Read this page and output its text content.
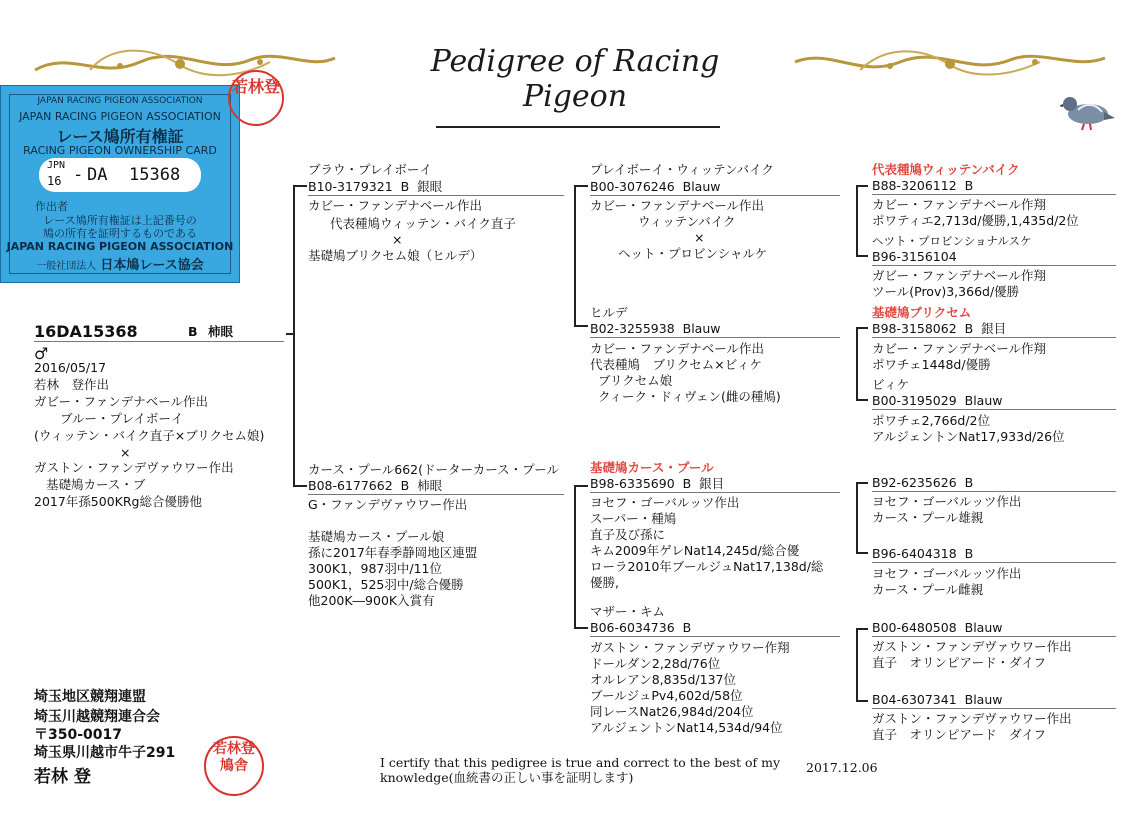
Pedigree of Racing Pigeon
JAPAN RACING PIGEON ASSOCIATION
JAPAN RACING PIGEON ASSOCIATION
レース鳩所有権証
RACING PIGEON OWNERSHIP CARD
JPN
16 - DA 15368
作出者
レース鳩所有権証は上記番号の
鳩の所有を証明するものである
JAPAN RACING PIGEON ASSOCIATION
一般社団法人 日本鳩レース協会
若林登
16DA15368	B 柿眼
♂
2016/05/17
若林　登作出
ガビー・ファンデナベール作出
ブルー・プレイボーイ
(ウィッテン・バイク直子×ブリクセム娘)
×
ガストン・ファンデヴァウワー作出
基礎鳩カース・ブ
2017年孫500KRg総合優勝他
ブラウ・プレイボーイ
B10-3179321 B 銀眼
カビー・ファンデナベール作出
代表種鳩ウィッテン・バイク直子
×
基礎鳩ブリクセム娘（ヒルデ）
カース・プール662(ドーターカース・プール
B08-6177662 B 柿眼
G・ファンデヴァウワー作出
基礎鳩カース・プール娘
孫に2017年春季静岡地区連盟
300K1，987羽中/11位
500K1，525羽中/総合優勝
他200K―900K入賞有
プレイボーイ・ウィッテンバイク
B00-3076246 Blauw
カビー・ファンデナベール作出
ウィッテンバイク
×
ヘット・プロビンシャルケ
ヒルデ
B02-3255938 Blauw
カビー・ファンデナベール作出
代表種鳩　ブリクセム×ビィケ
ブリクセム娘
クィーク・ドィヴェン(雌の種鳩)
基礎鳩カース・プール
B98-6335690 B 銀目
ヨセフ・ゴーバルッツ作出
スーパー・種鳩
直子及び孫に
キム2009年ゲレNat14,245d/総合優
ローラ2010年ブールジュNat17,138d/総
優勝,
マザー・キム
B06-6034736 B
ガストン・ファンデヴァウワー作翔
ドールダン2,28d/76位
オルレアン8,835d/137位
ブールジュPv4,602d/58位
同レースNat26,984d/204位
アルジェントンNat14,534d/94位
代表種鳩ウィッテンバイク
B88-3206112 B
カビー・ファンデナベール作翔
ポワティエ2,713d/優勝,1,435d/2位
ヘツト・プロビンショナルスケ
B96-3156104
ガビー・ファンデナベール作翔
ツール(Prov)3,366d/優勝
基礎鳩ブリクセム
B98-3158062 B 銀目
カビー・ファンデナベール作翔
ポワチェ1448d/優勝
ビィケ
B00-3195029 Blauw
ポワチェ2,766d/2位
アルジェントンNat17,933d/26位
B92-6235626 B
ヨセフ・ゴーバルッツ作出
カース・プール雄親
B96-6404318 B
ヨセフ・ゴーバルッツ作出
カース・プール雌親
B00-6480508 Blauw
ガストン・ファンデヴァウワー作出
直子　オリンピアード・ダイフ
B04-6307341 Blauw
ガストン・ファンデヴァウワー作出
直子　オリンピアード　ダイフ
埼玉地区競翔連盟
埼玉川越競翔連合会
〒350-0017
埼玉県川越市牛子291
若林 登
若林登鳩舎	I certify that this pedigree is true and correct to the best of my
knowledge(血統書の正しい事を証明します)
2017.12.06
